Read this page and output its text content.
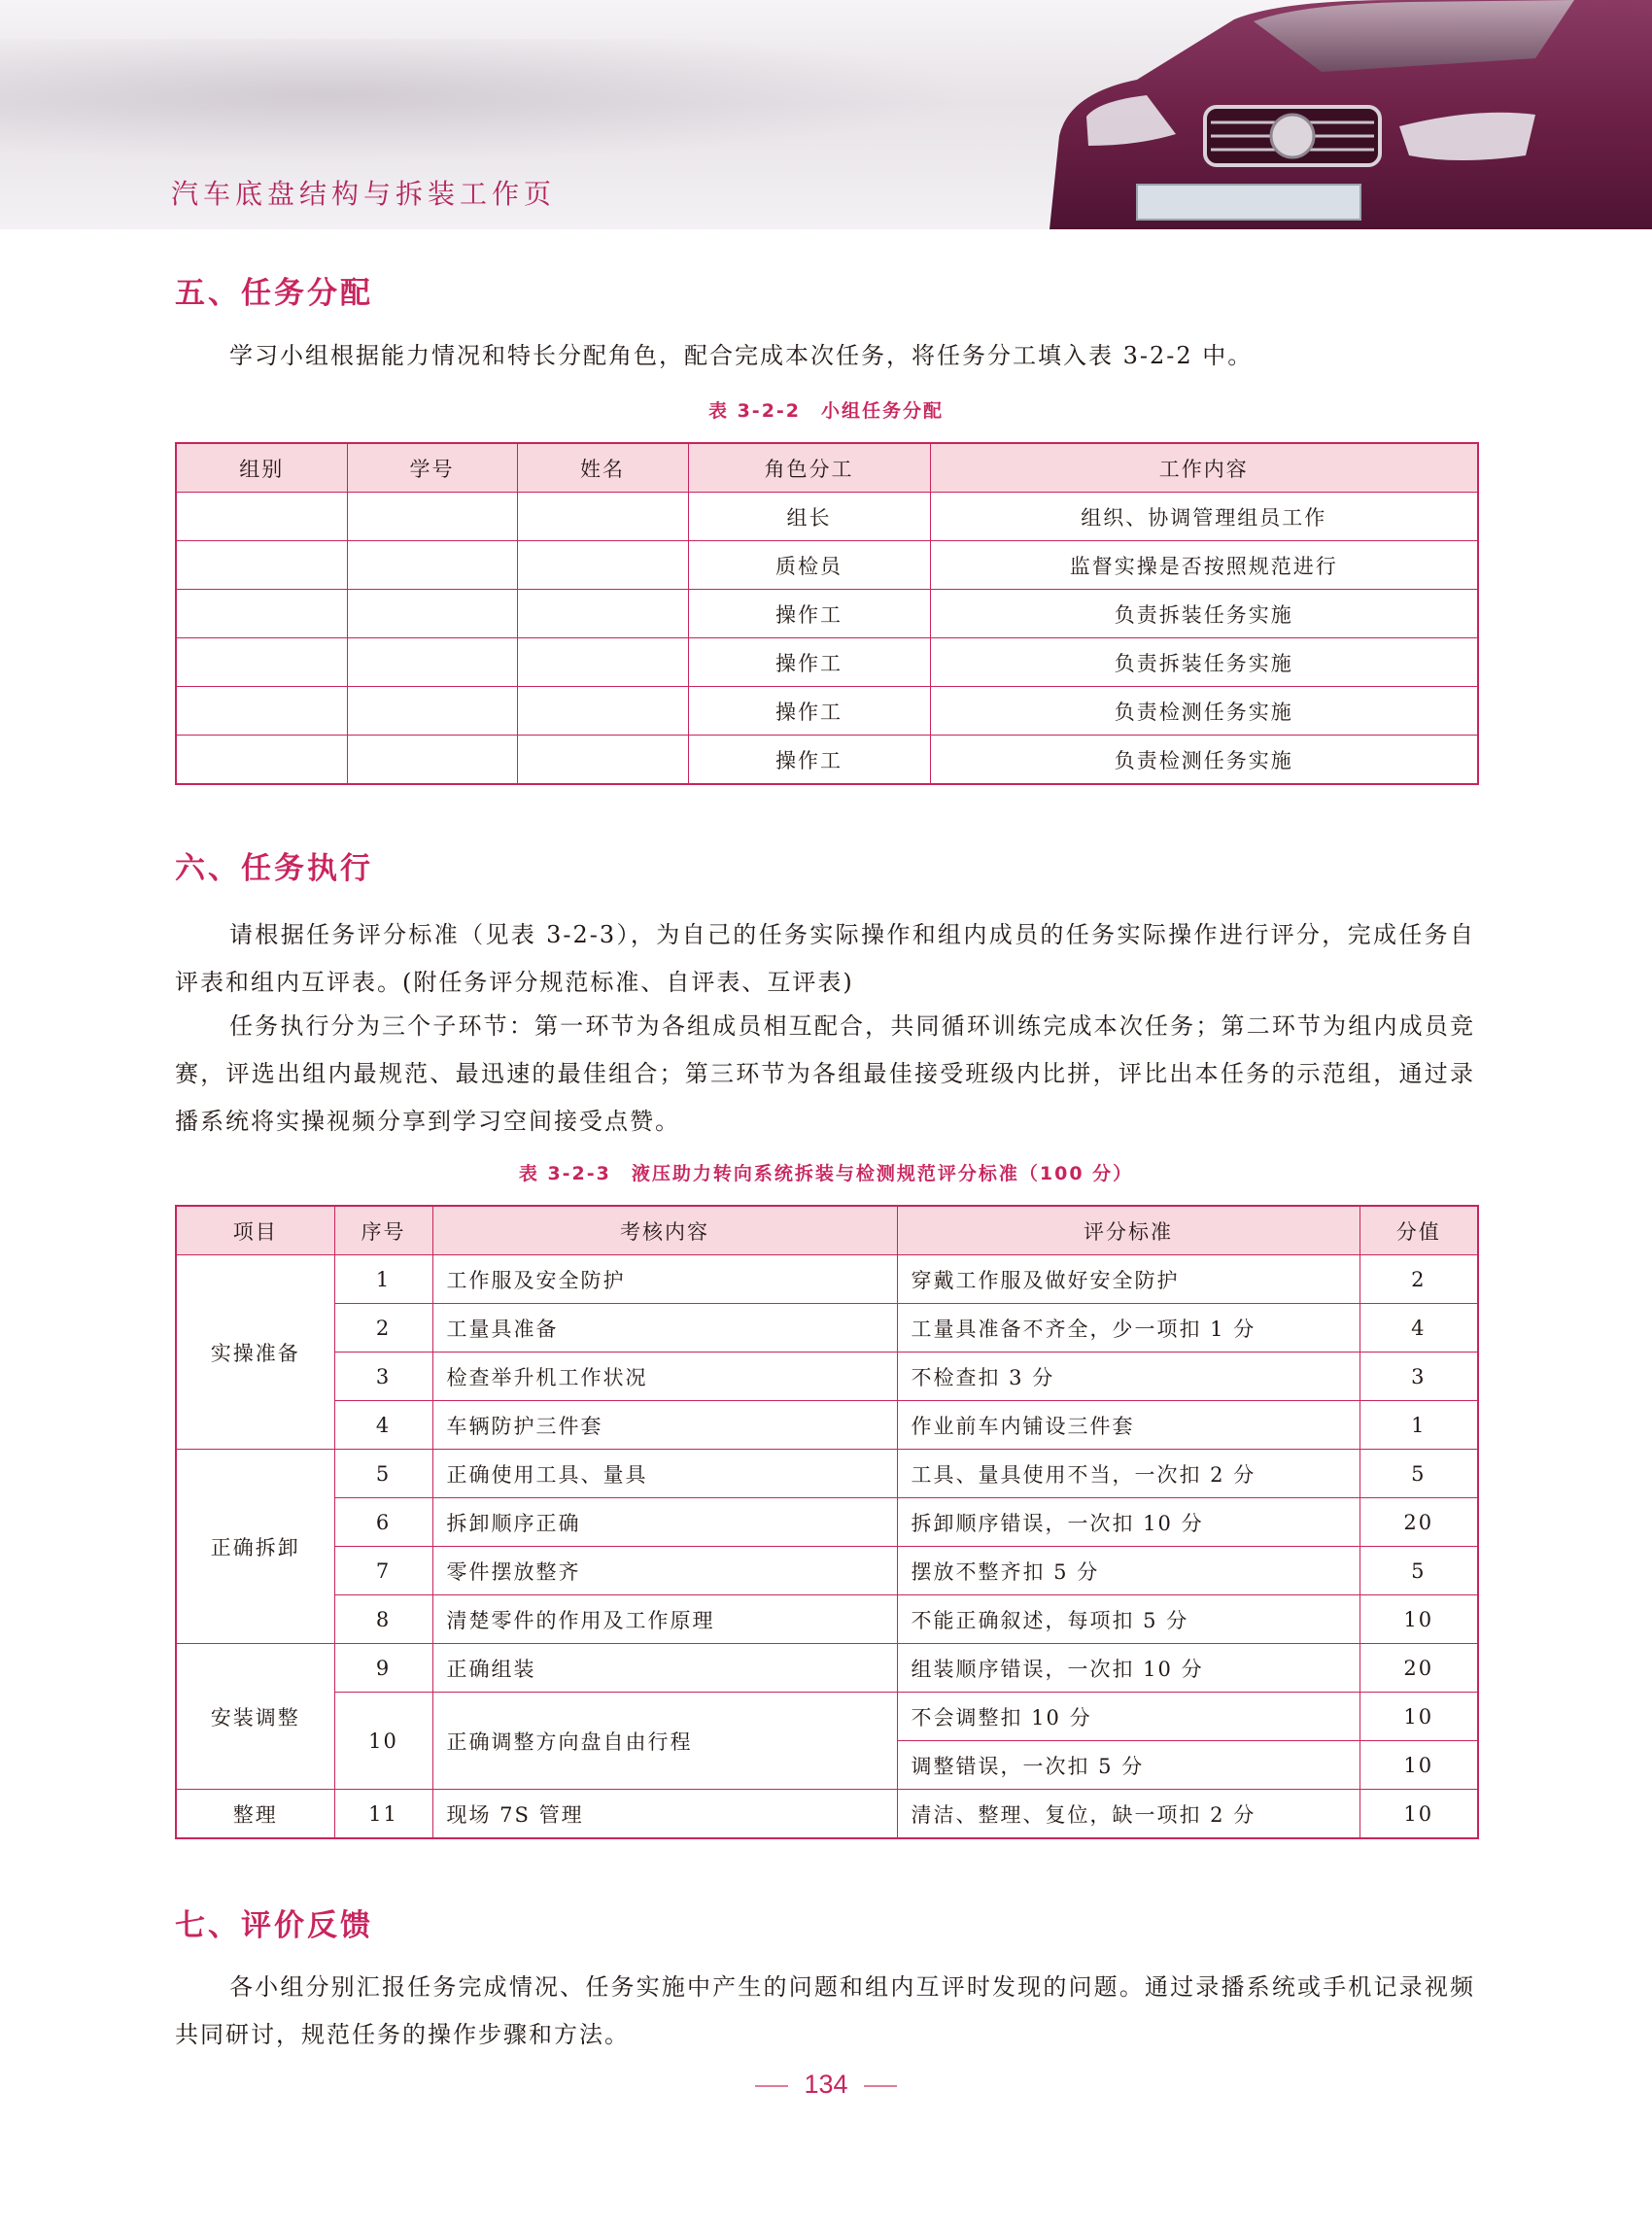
汽车底盘结构与拆装工作页
五、任务分配

学习小组根据能力情况和特长分配角色，配合完成本次任务，将任务分工填入表 3-2-2 中。

表 3-2-2　小组任务分配
组别	学号	姓名	角色分工	工作内容
			组长	组织、协调管理组员工作
			质检员	监督实操是否按照规范进行
			操作工	负责拆装任务实施
			操作工	负责拆装任务实施
			操作工	负责检测任务实施
			操作工	负责检测任务实施
六、任务执行

请根据任务评分标准（见表 3-2-3），为自己的任务实际操作和组内成员的任务实际操作进行评分，完成任务自评表和组内互评表。(附任务评分规范标准、自评表、互评表)

任务执行分为三个子环节：第一环节为各组成员相互配合，共同循环训练完成本次任务；第二环节为组内成员竞赛，评选出组内最规范、最迅速的最佳组合；第三环节为各组最佳接受班级内比拼，评比出本任务的示范组，通过录播系统将实操视频分享到学习空间接受点赞。

表 3-2-3　液压助力转向系统拆装与检测规范评分标准（100 分）
项目	序号	考核内容	评分标准	分值
实操准备	1	工作服及安全防护	穿戴工作服及做好安全防护	2
	2	工量具准备	工量具准备不齐全，少一项扣 1 分	4
	3	检查举升机工作状况	不检查扣 3 分	3
	4	车辆防护三件套	作业前车内铺设三件套	1
正确拆卸	5	正确使用工具、量具	工具、量具使用不当，一次扣 2 分	5
	6	拆卸顺序正确	拆卸顺序错误，一次扣 10 分	20
	7	零件摆放整齐	摆放不整齐扣 5 分	5
	8	清楚零件的作用及工作原理	不能正确叙述，每项扣 5 分	10
安装调整	9	正确组装	组装顺序错误，一次扣 10 分	20
	10	正确调整方向盘自由行程	不会调整扣 10 分	10
			调整错误，一次扣 5 分	10
整理	11	现场 7S 管理	清洁、整理、复位，缺一项扣 2 分	10
七、评价反馈

各小组分别汇报任务完成情况、任务实施中产生的问题和组内互评时发现的问题。通过录播系统或手机记录视频共同研讨，规范任务的操作步骤和方法。

134
